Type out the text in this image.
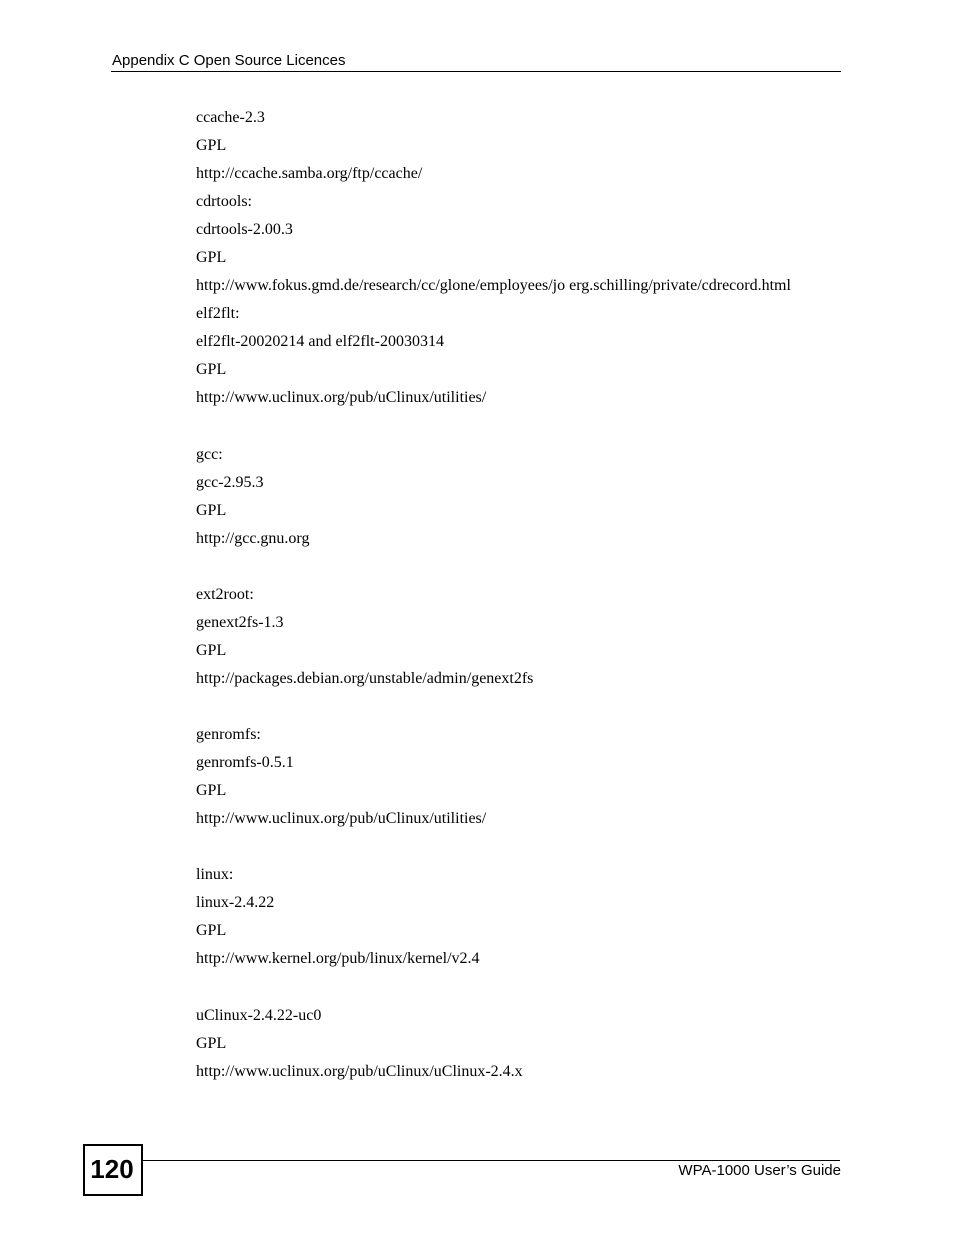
Appendix C Open Source Licences
ccache-2.3
GPL
http://ccache.samba.org/ftp/ccache/
cdrtools:
cdrtools-2.00.3
GPL
http://www.fokus.gmd.de/research/cc/glone/employees/jo erg.schilling/private/cdrecord.html
elf2flt:
elf2flt-20020214 and elf2flt-20030314
GPL
http://www.uclinux.org/pub/uClinux/utilities/
gcc:
gcc-2.95.3
GPL
http://gcc.gnu.org
ext2root:
genext2fs-1.3
GPL
http://packages.debian.org/unstable/admin/genext2fs
genromfs:
genromfs-0.5.1
GPL
http://www.uclinux.org/pub/uClinux/utilities/
linux:
linux-2.4.22
GPL
http://www.kernel.org/pub/linux/kernel/v2.4
uClinux-2.4.22-uc0
GPL
http://www.uclinux.org/pub/uClinux/uClinux-2.4.x
120	WPA-1000 User’s Guide
